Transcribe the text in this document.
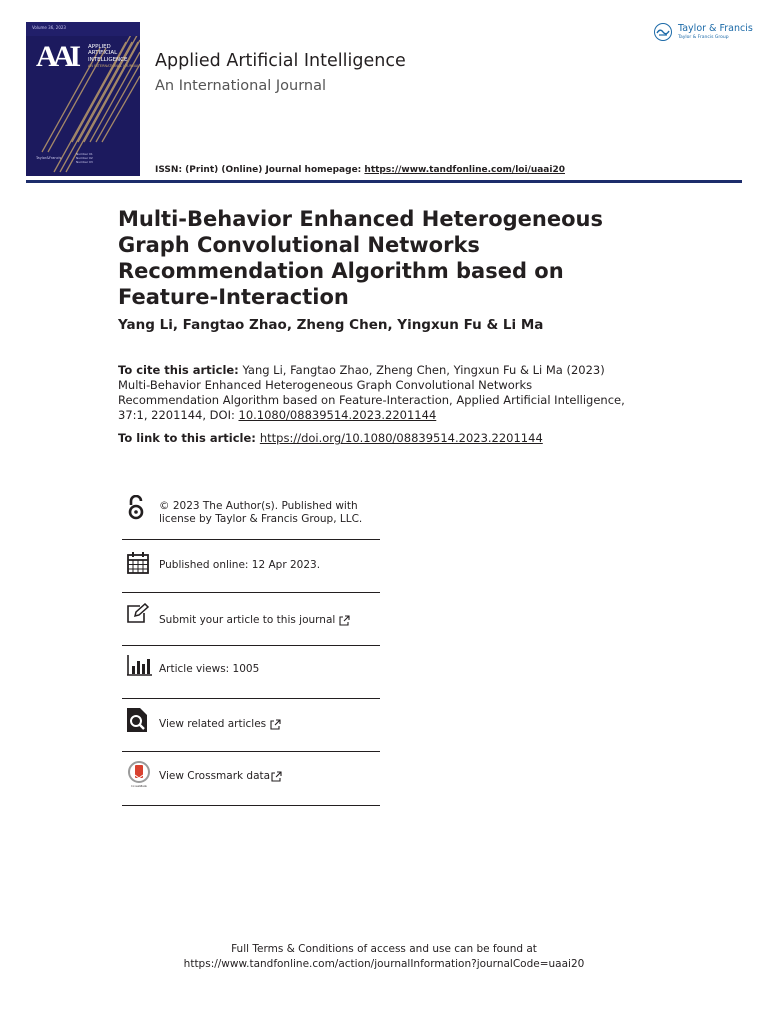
Volume 36, 2023
AAI APPLIED
ARTIFICIAL
INTELLIGENCE
AN INTERNATIONAL JOURNAL
Taylor&Francis
Number 01
Number 02
Number 03
Applied Artificial Intelligence
An International Journal
ISSN: (Print) (Online) Journal homepage: https://www.tandfonline.com/loi/uaai20
Taylor & Francis
Taylor & Francis Group
Multi-Behavior Enhanced Heterogeneous Graph Convolutional Networks Recommendation Algorithm based on Feature-Interaction
Yang Li, Fangtao Zhao, Zheng Chen, Yingxun Fu & Li Ma
To cite this article: Yang Li, Fangtao Zhao, Zheng Chen, Yingxun Fu & Li Ma (2023) Multi-Behavior Enhanced Heterogeneous Graph Convolutional Networks Recommendation Algorithm based on Feature-Interaction, Applied Artificial Intelligence, 37:1, 2201144, DOI: 10.1080/08839514.2023.2201144
To link to this article: https://doi.org/10.1080/08839514.2023.2201144
© 2023 The Author(s). Published with license by Taylor & Francis Group, LLC.
Published online: 12 Apr 2023.
Submit your article to this journal
Article views: 1005
View related articles
CrossMark
View Crossmark data
Full Terms & Conditions of access and use can be found at
https://www.tandfonline.com/action/journalInformation?journalCode=uaai20
